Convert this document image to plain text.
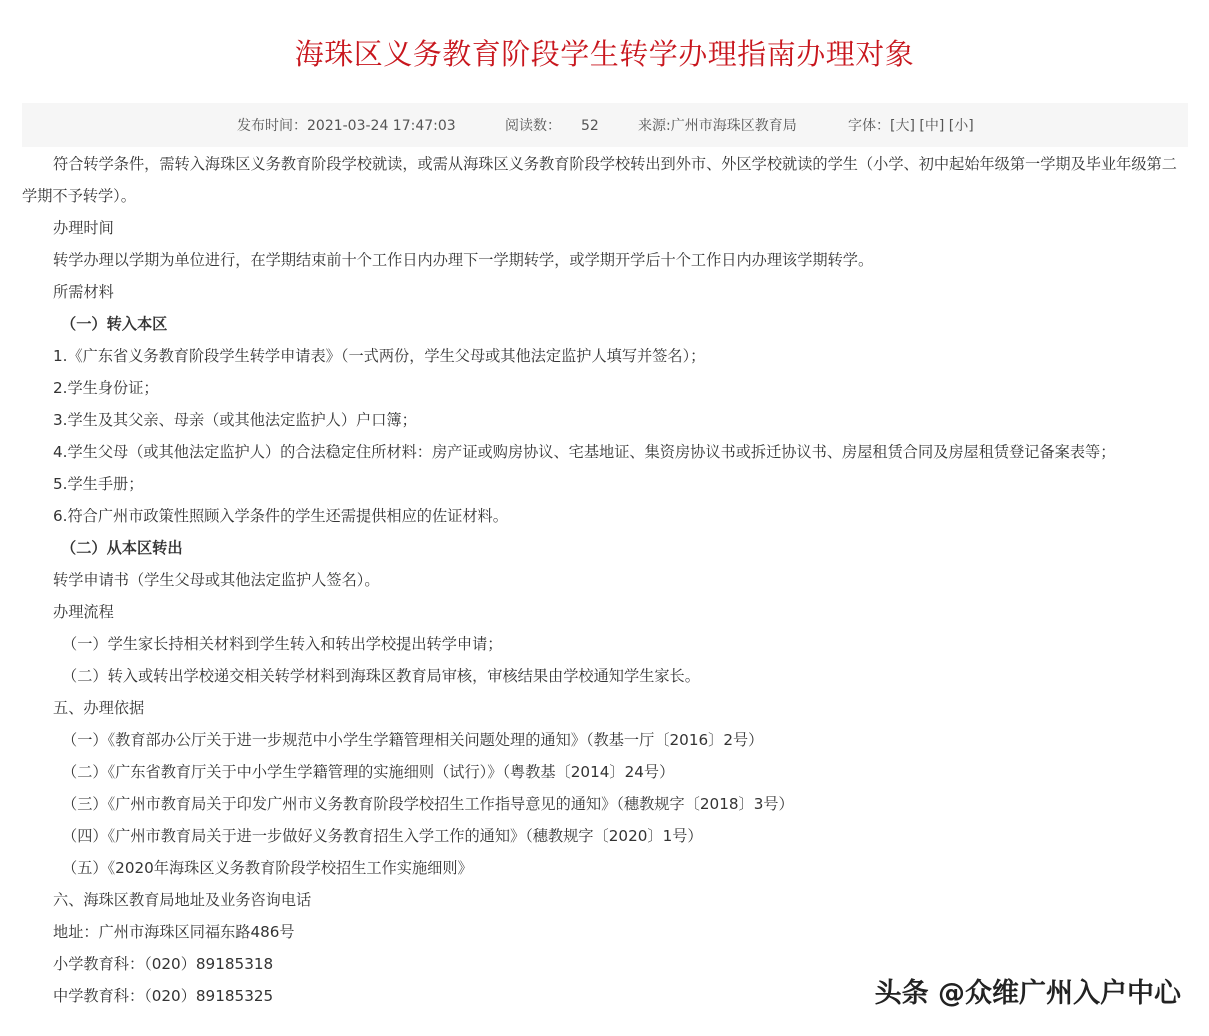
海珠区义务教育阶段学生转学办理指南办理对象
发布时间：2021-03-24 17:47:03	阅读数： 52	来源:广州市海珠区教育局	字体：[大] [中] [小]

符合转学条件，需转入海珠区义务教育阶段学校就读，或需从海珠区义务教育阶段学校转出到外市、外区学校就读的学生（小学、初中起始年级第一学期及毕业年级第二学期不予转学）。

办理时间

转学办理以学期为单位进行，在学期结束前十个工作日内办理下一学期转学，或学期开学后十个工作日内办理该学期转学。

所需材料

（一）转入本区

1.《广东省义务教育阶段学生转学申请表》（一式两份，学生父母或其他法定监护人填写并签名）；

2.学生身份证；

3.学生及其父亲、母亲（或其他法定监护人）户口簿；

4.学生父母（或其他法定监护人）的合法稳定住所材料：房产证或购房协议、宅基地证、集资房协议书或拆迁协议书、房屋租赁合同及房屋租赁登记备案表等；

5.学生手册；

6.符合广州市政策性照顾入学条件的学生还需提供相应的佐证材料。

（二）从本区转出

转学申请书（学生父母或其他法定监护人签名）。

办理流程

（一）学生家长持相关材料到学生转入和转出学校提出转学申请；

（二）转入或转出学校递交相关转学材料到海珠区教育局审核，审核结果由学校通知学生家长。

五、办理依据

（一）《教育部办公厅关于进一步规范中小学生学籍管理相关问题处理的通知》（教基一厅〔2016〕2号）

（二）《广东省教育厅关于中小学生学籍管理的实施细则（试行）》（粤教基〔2014〕24号）

（三）《广州市教育局关于印发广州市义务教育阶段学校招生工作指导意见的通知》（穗教规字〔2018〕3号）

（四）《广州市教育局关于进一步做好义务教育招生入学工作的通知》（穗教规字〔2020〕1号）

（五）《2020年海珠区义务教育阶段学校招生工作实施细则》

六、海珠区教育局地址及业务咨询电话

地址：广州市海珠区同福东路486号

小学教育科：（020）89185318

中学教育科：（020）89185325	头条 @众维广州入户中心
